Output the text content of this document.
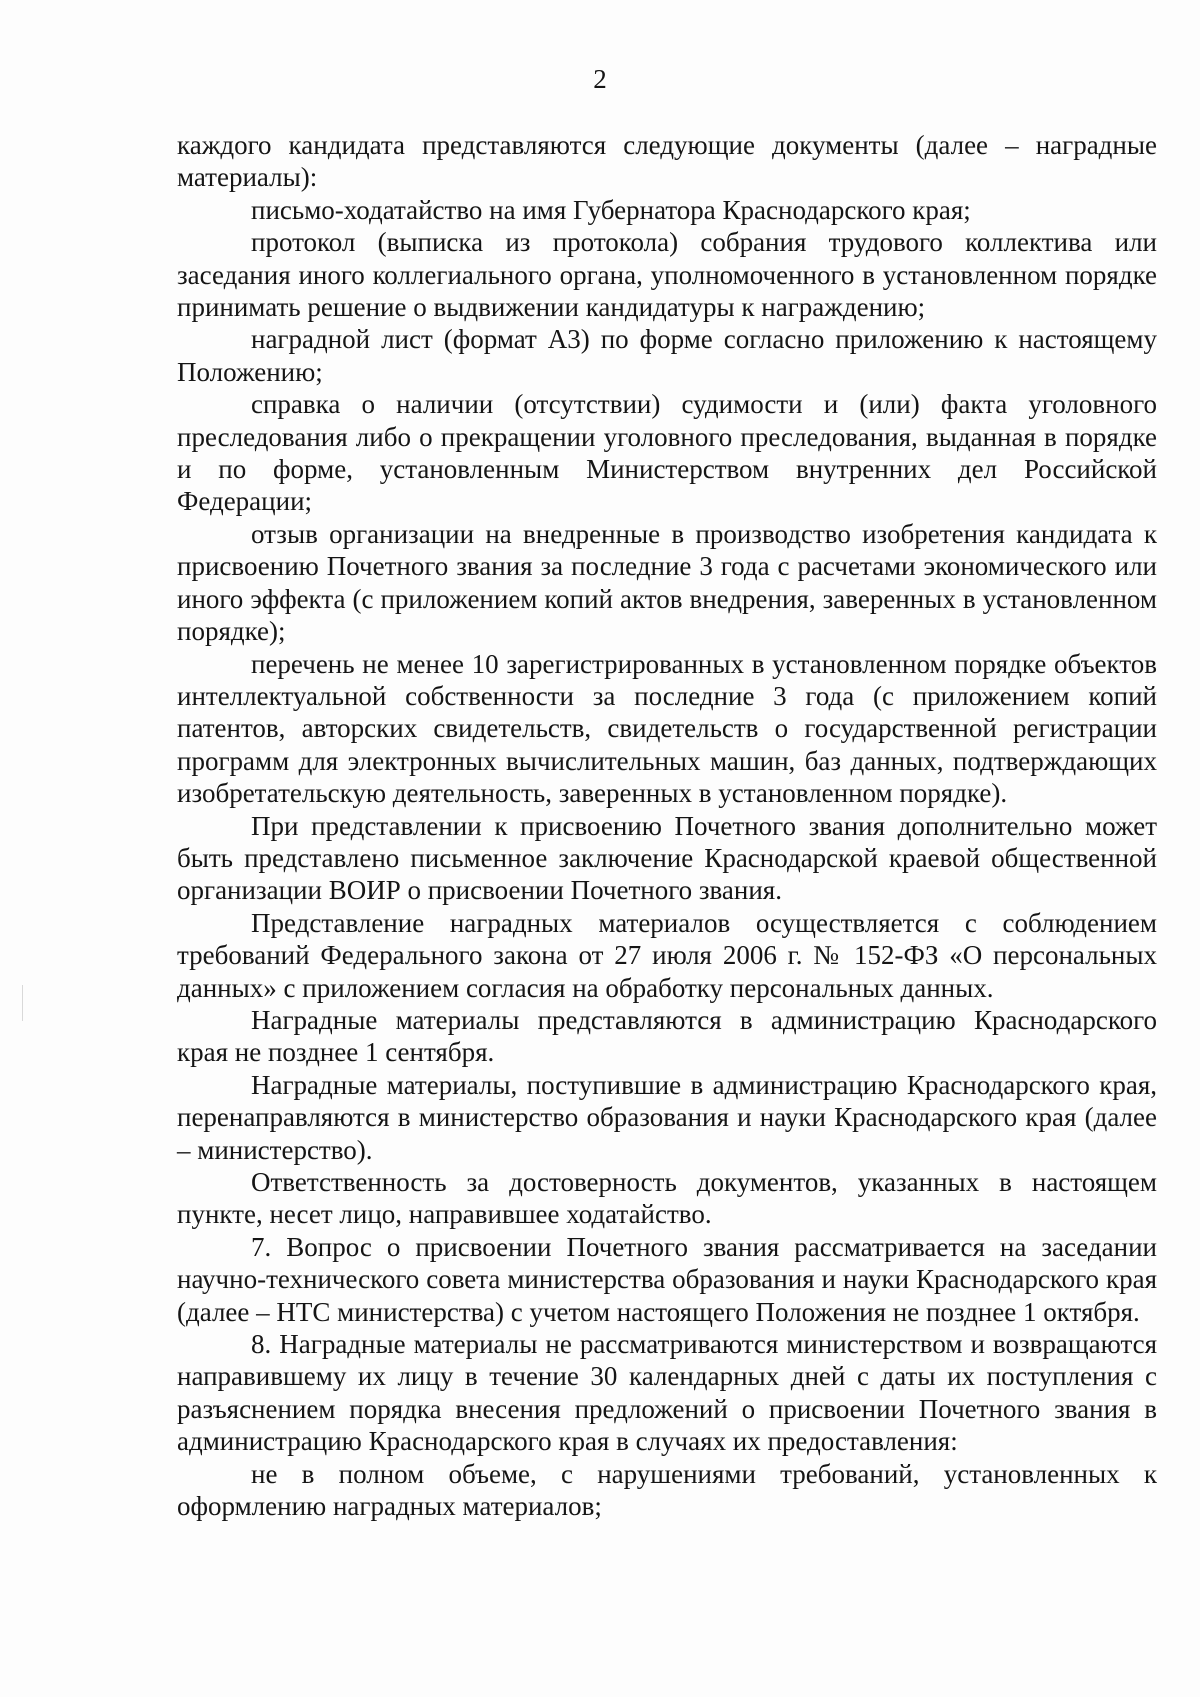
2

каждого кандидата представляются следующие документы (далее – наградные материалы):

письмо-ходатайство на имя Губернатора Краснодарского края;

протокол (выписка из протокола) собрания трудового коллектива или заседания иного коллегиального органа, уполномоченного в установленном порядке принимать решение о выдвижении кандидатуры к награждению;

наградной лист (формат А3) по форме согласно приложению к настоящему Положению;

справка о наличии (отсутствии) судимости и (или) факта уголовного преследования либо о прекращении уголовного преследования, выданная в порядке и по форме, установленным Министерством внутренних дел Российской Федерации;

отзыв организации на внедренные в производство изобретения кандидата к присвоению Почетного звания за последние 3 года с расчетами экономического или иного эффекта (с приложением копий актов внедрения, заверенных в установленном порядке);

перечень не менее 10 зарегистрированных в установленном порядке объектов интеллектуальной собственности за последние 3 года (с приложением копий патентов, авторских свидетельств, свидетельств о государственной регистрации программ для электронных вычислительных машин, баз данных, подтверждающих изобретательскую деятельность, заверенных в установленном порядке).

При представлении к присвоению Почетного звания дополнительно может быть представлено письменное заключение Краснодарской краевой общественной организации ВОИР о присвоении Почетного звания.

Представление наградных материалов осуществляется с соблюдением требований Федерального закона от 27 июля 2006 г. № 152-ФЗ «О персональных данных» с приложением согласия на обработку персональных данных.

Наградные материалы представляются в администрацию Краснодарского края не позднее 1 сентября.

Наградные материалы, поступившие в администрацию Краснодарского края, перенаправляются в министерство образования и науки Краснодарского края (далее – министерство).

Ответственность за достоверность документов, указанных в настоящем пункте, несет лицо, направившее ходатайство.

7. Вопрос о присвоении Почетного звания рассматривается на заседании научно-технического совета министерства образования и науки Краснодарского края (далее – НТС министерства) с учетом настоящего Положения не позднее 1 октября.

8. Наградные материалы не рассматриваются министерством и возвращаются направившему их лицу в течение 30 календарных дней с даты их поступления с разъяснением порядка внесения предложений о присвоении Почетного звания в администрацию Краснодарского края в случаях их предоставления:

не в полном объеме, с нарушениями требований, установленных к оформлению наградных материалов;
